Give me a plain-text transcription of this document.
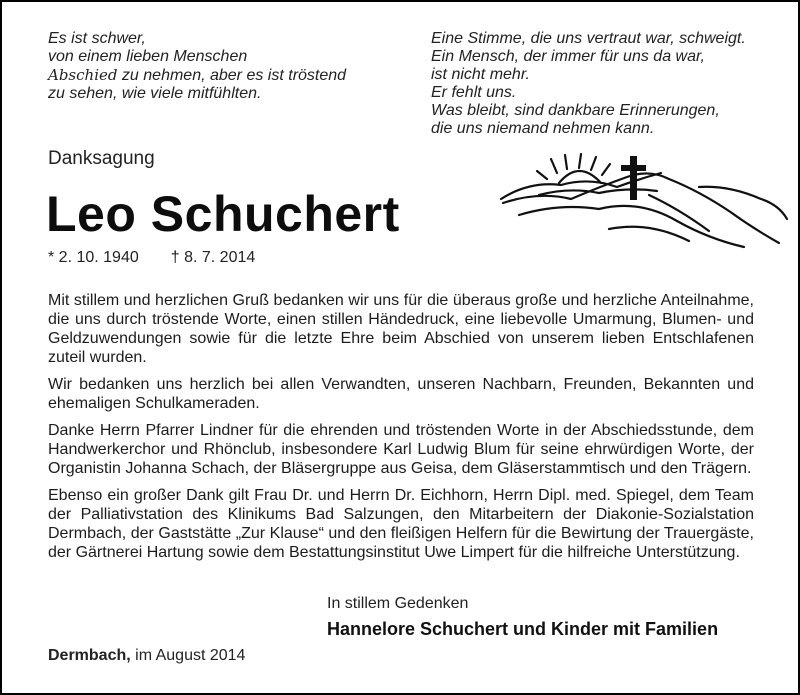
Es ist schwer,
von einem lieben Menschen
Abschied zu nehmen, aber es ist tröstend
zu sehen, wie viele mitfühlten.
Eine Stimme, die uns vertraut war, schweigt.
Ein Mensch, der immer für uns da war,
ist nicht mehr.
Er fehlt uns.
Was bleibt, sind dankbare Erinnerungen,
die uns niemand nehmen kann.
Danksagung
Leo Schuchert
* 2. 10. 1940 † 8. 7. 2014

Mit stillem und herzlichen Gruß bedanken wir uns für die überaus große und herzliche Anteilnahme, die uns durch tröstende Worte, einen stillen Händedruck, eine liebevolle Umarmung, Blumen- und Geldzuwendungen sowie für die letzte Ehre beim Abschied von unserem lieben Entschlafenen zuteil wurden.

Wir bedanken uns herzlich bei allen Verwandten, unseren Nachbarn, Freunden, Bekannten und ehemaligen Schulkameraden.

Danke Herrn Pfarrer Lindner für die ehrenden und tröstenden Worte in der Abschiedsstunde, dem Handwerkerchor und Rhönclub, insbesondere Karl Ludwig Blum für seine ehrwürdigen Worte, der Organistin Johanna Schach, der Bläsergruppe aus Geisa, dem Gläserstammtisch und den Trägern.

Ebenso ein großer Dank gilt Frau Dr. und Herrn Dr. Eichhorn, Herrn Dipl. med. Spiegel, dem Team der Palliativstation des Klinikums Bad Salzungen, den Mitarbeitern der Diakonie-Sozialstation Dermbach, der Gaststätte „Zur Klause“ und den fleißigen Helfern für die Bewirtung der Trauergäste, der Gärtnerei Hartung sowie dem Bestattungsinstitut Uwe Limpert für die hilfreiche Unterstützung.

In stillem Gedenken
Hannelore Schuchert und Kinder mit Familien
Dermbach, im August 2014
